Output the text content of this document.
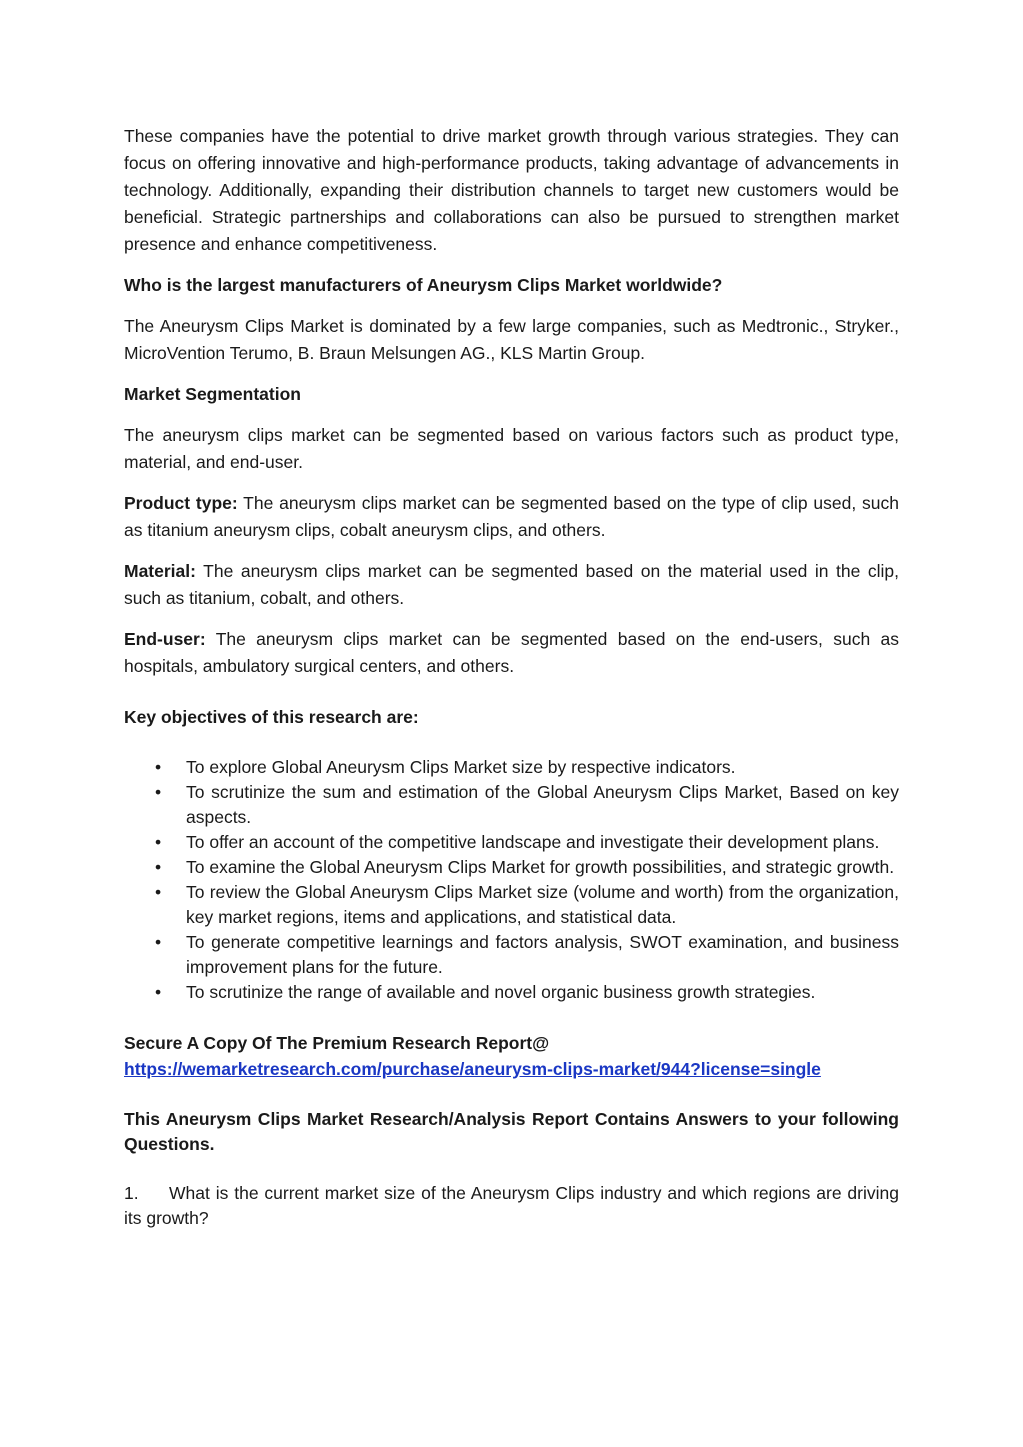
These companies have the potential to drive market growth through various strategies. They can focus on offering innovative and high-performance products, taking advantage of advancements in technology. Additionally, expanding their distribution channels to target new customers would be beneficial. Strategic partnerships and collaborations can also be pursued to strengthen market presence and enhance competitiveness.

Who is the largest manufacturers of Aneurysm Clips Market worldwide?

The Aneurysm Clips Market is dominated by a few large companies, such as Medtronic., Stryker., MicroVention Terumo, B. Braun Melsungen AG., KLS Martin Group.

Market Segmentation

The aneurysm clips market can be segmented based on various factors such as product type, material, and end-user.

Product type: The aneurysm clips market can be segmented based on the type of clip used, such as titanium aneurysm clips, cobalt aneurysm clips, and others.

Material: The aneurysm clips market can be segmented based on the material used in the clip, such as titanium, cobalt, and others.

End-user: The aneurysm clips market can be segmented based on the end-users, such as hospitals, ambulatory surgical centers, and others.

Key objectives of this research are:

• To explore Global Aneurysm Clips Market size by respective indicators.
• To scrutinize the sum and estimation of the Global Aneurysm Clips Market, Based on key aspects.
• To offer an account of the competitive landscape and investigate their development plans.
• To examine the Global Aneurysm Clips Market for growth possibilities, and strategic growth.
• To review the Global Aneurysm Clips Market size (volume and worth) from the organization, key market regions, items and applications, and statistical data.
• To generate competitive learnings and factors analysis, SWOT examination, and business improvement plans for the future.
• To scrutinize the range of available and novel organic business growth strategies.

Secure A Copy Of The Premium Research Report@

https://wemarketresearch.com/purchase/aneurysm-clips-market/944?license=single

This Aneurysm Clips Market Research/Analysis Report Contains Answers to your following Questions.

1. What is the current market size of the Aneurysm Clips industry and which regions are driving its growth?
